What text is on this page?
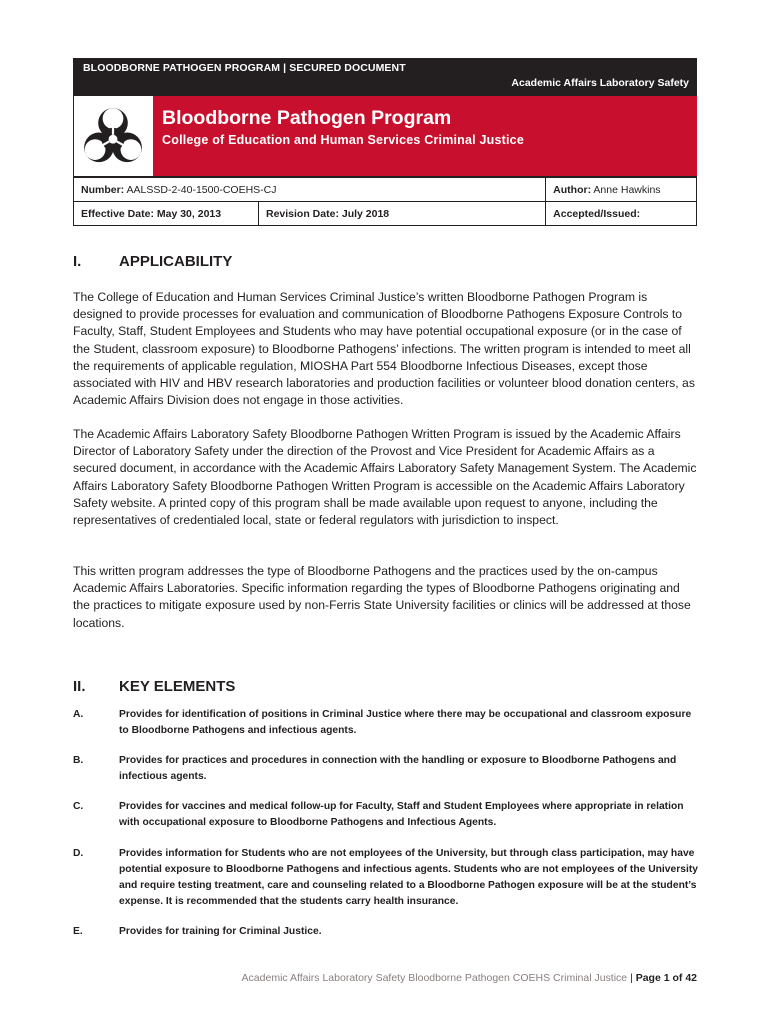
BLOODBORNE PATHOGEN PROGRAM | SECURED DOCUMENT
Academic Affairs Laboratory Safety
Bloodborne Pathogen Program
College of Education and Human Services Criminal Justice
Number: AALSSD-2-40-1500-COEHS-CJ		Author: Anne Hawkins
Effective Date: May 30, 2013	Revision Date: July 2018	Accepted/Issued:
I.	APPLICABILITY

The College of Education and Human Services Criminal Justice’s written Bloodborne Pathogen Program is designed to provide processes for evaluation and communication of Bloodborne Pathogens Exposure Controls to Faculty, Staff, Student Employees and Students who may have potential occupational exposure (or in the case of the Student, classroom exposure) to Bloodborne Pathogens’ infections. The written program is intended to meet all the requirements of applicable regulation, MIOSHA Part 554 Bloodborne Infectious Diseases, except those associated with HIV and HBV research laboratories and production facilities or volunteer blood donation centers, as Academic Affairs Division does not engage in those activities.

The Academic Affairs Laboratory Safety Bloodborne Pathogen Written Program is issued by the Academic Affairs Director of Laboratory Safety under the direction of the Provost and Vice President for Academic Affairs as a secured document, in accordance with the Academic Affairs Laboratory Safety Management System. The Academic Affairs Laboratory Safety Bloodborne Pathogen Written Program is accessible on the Academic Affairs Laboratory Safety website. A printed copy of this program shall be made available upon request to anyone, including the representatives of credentialed local, state or federal regulators with jurisdiction to inspect.

This written program addresses the type of Bloodborne Pathogens and the practices used by the on-campus Academic Affairs Laboratories. Specific information regarding the types of Bloodborne Pathogens originating and the practices to mitigate exposure used by non-Ferris State University facilities or clinics will be addressed at those locations.

II. KEY ELEMENTS
A.	Provides for identification of positions in Criminal Justice where there may be occupational and classroom exposure to Bloodborne Pathogens and infectious agents.
B.	Provides for practices and procedures in connection with the handling or exposure to Bloodborne Pathogens and infectious agents.
C.	Provides for vaccines and medical follow-up for Faculty, Staff and Student Employees where appropriate in relation with occupational exposure to Bloodborne Pathogens and Infectious Agents.
D.	Provides information for Students who are not employees of the University, but through class participation, may have potential exposure to Bloodborne Pathogens and infectious agents. Students who are not employees of the University and require testing treatment, care and counseling related to a Bloodborne Pathogen exposure will be at the student’s expense. It is recommended that the students carry health insurance.
E.	Provides for training for Criminal Justice.
Academic Affairs Laboratory Safety Bloodborne Pathogen COEHS Criminal Justice | Page 1 of 42
